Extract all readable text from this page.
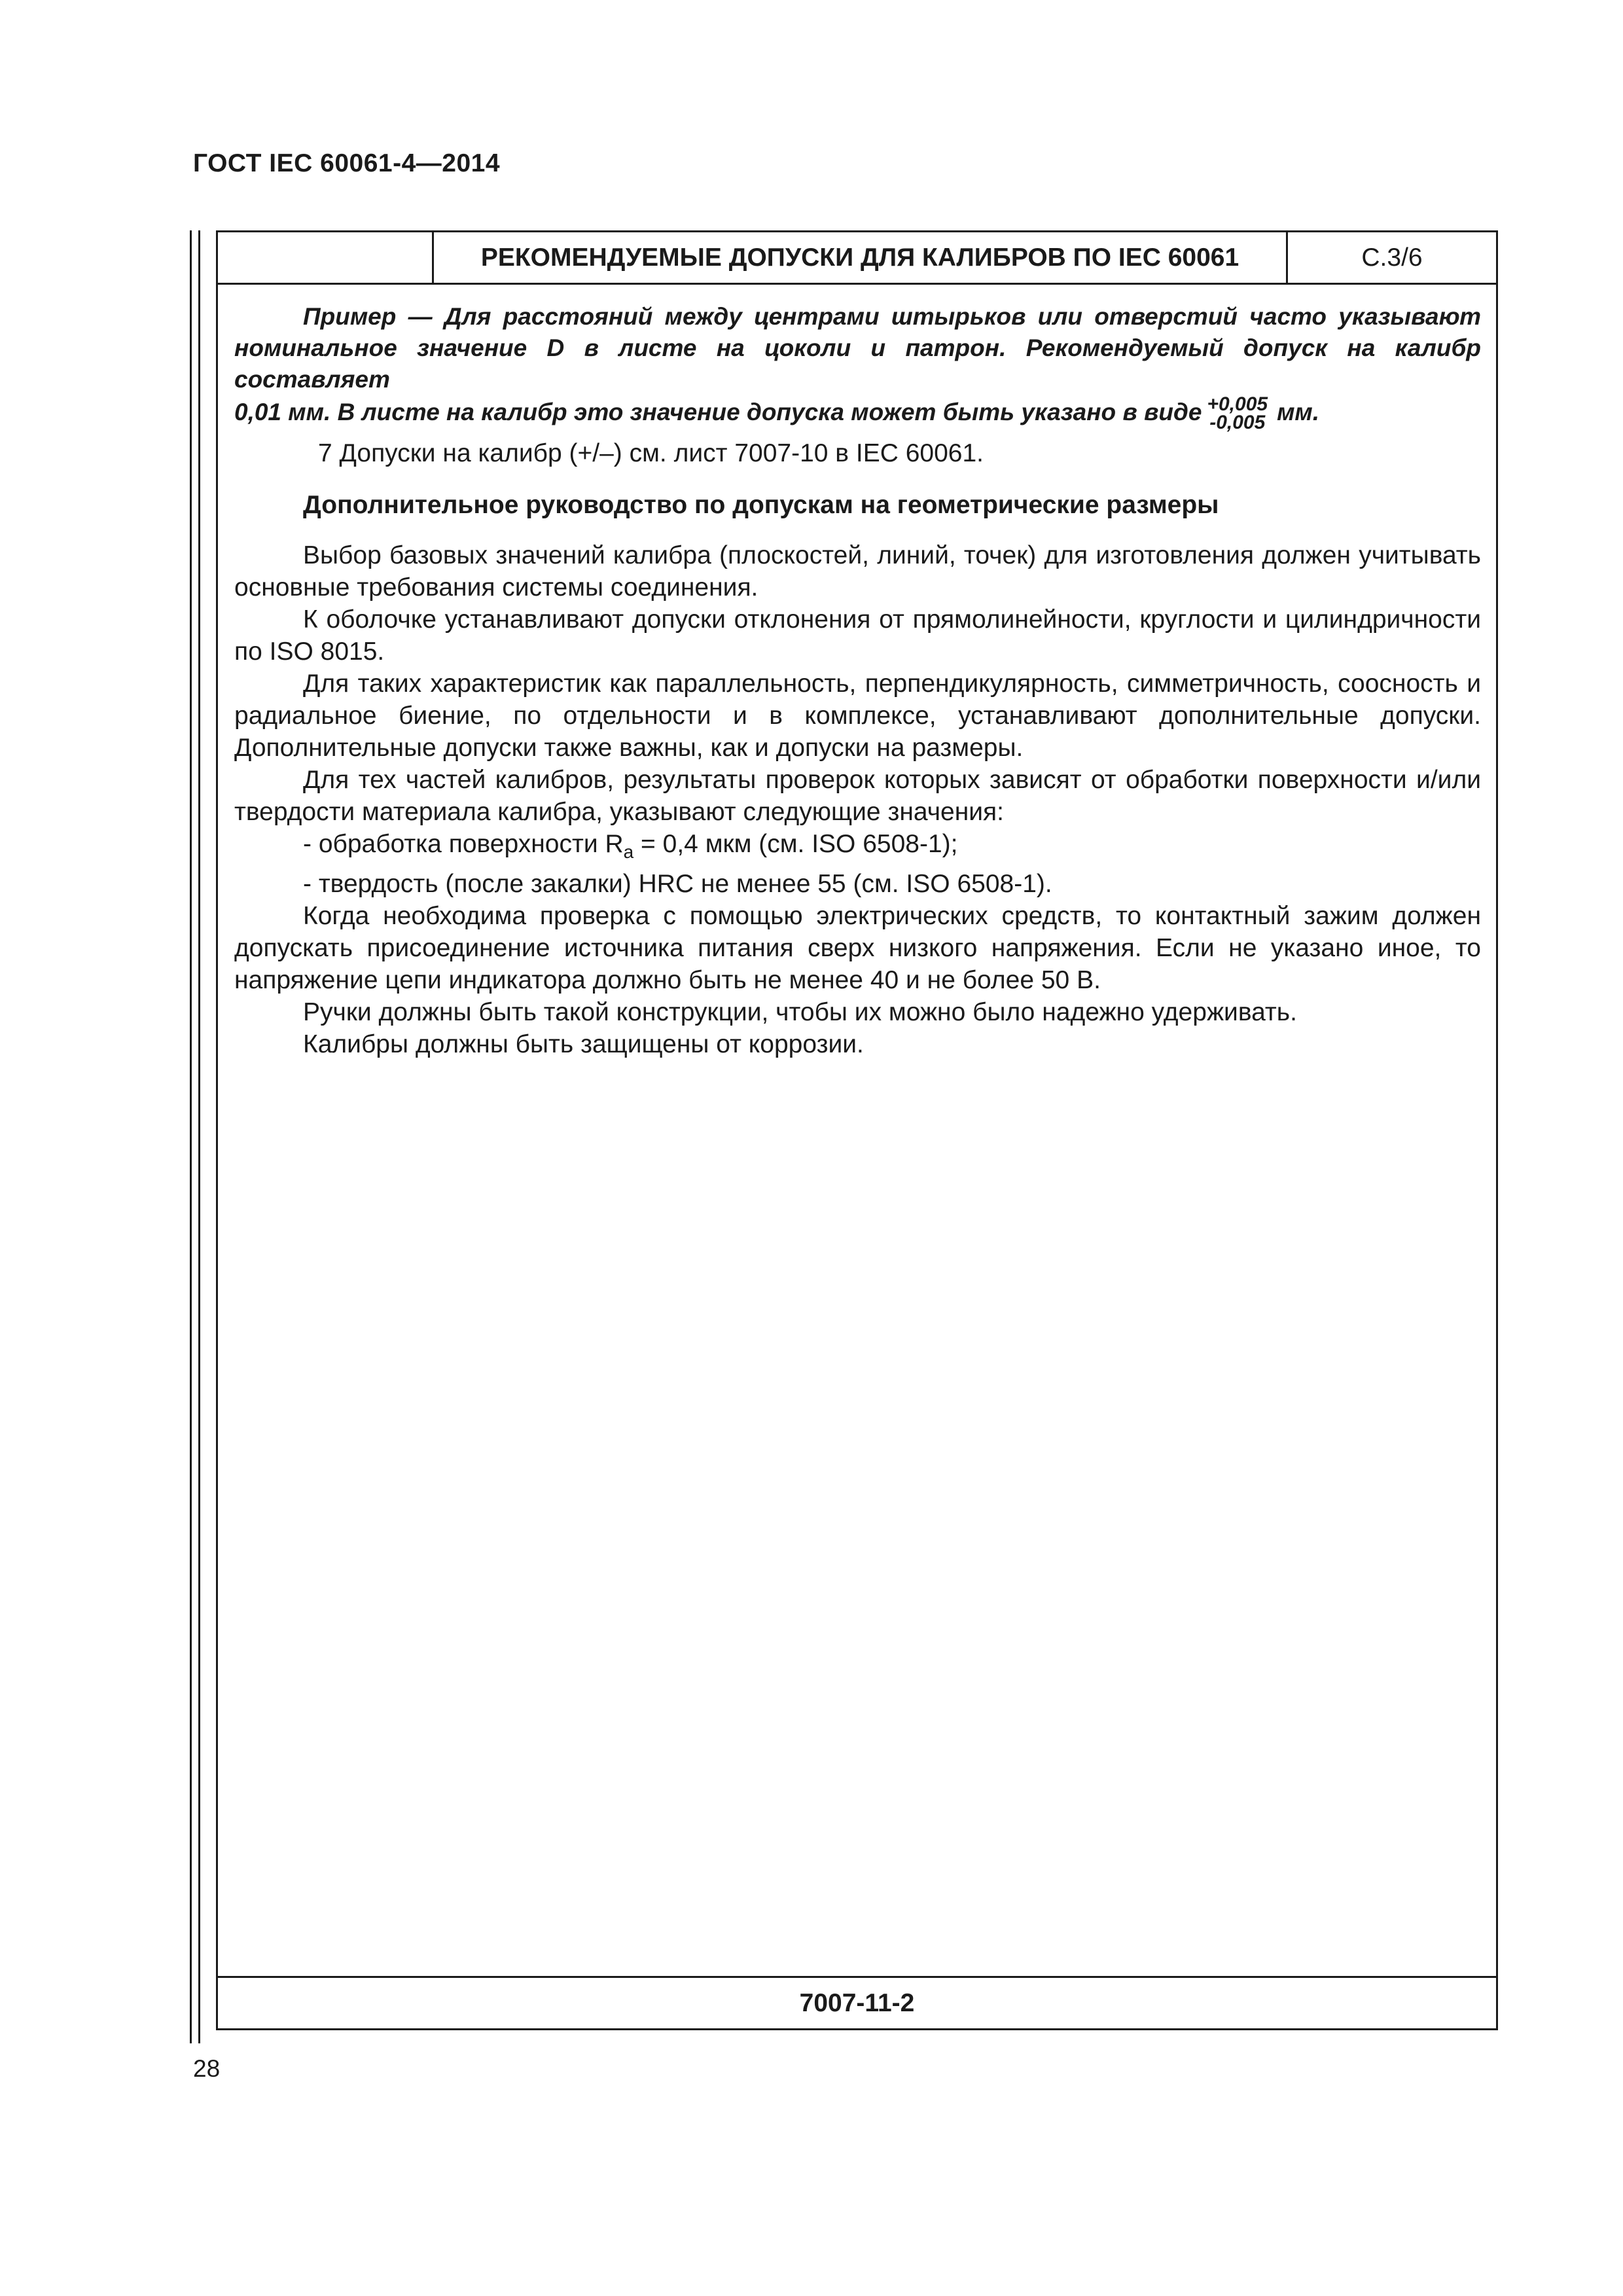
ГОСТ IEC 60061-4—2014
РЕКОМЕНДУЕМЫЕ ДОПУСКИ ДЛЯ КАЛИБРОВ ПО IEC 60061	С.3/6

Пример — Для расстояний между центрами штырьков или отверстий часто указывают номинальное значение D в листе на цоколи и патрон. Рекомендуемый допуск на калибр составляет

0,01 мм. В листе на калибр это значение допуска может быть указано в виде +0,005
-0,005 мм.

7 Допуски на калибр (+/–) см. лист 7007-10 в IEC 60061.

Дополнительное руководство по допускам на геометрические размеры

Выбор базовых значений калибра (плоскостей, линий, точек) для изготовления должен учитывать основные требования системы соединения.

К оболочке устанавливают допуски отклонения от прямолинейности, круглости и цилиндричности по ISO 8015.

Для таких характеристик как параллельность, перпендикулярность, симметричность, соосность и радиальное биение, по отдельности и в комплексе, устанавливают дополнительные допуски. Дополнительные допуски также важны, как и допуски на размеры.

Для тех частей калибров, результаты проверок которых зависят от обработки поверхности и/или твердости материала калибра, указывают следующие значения:

- обработка поверхности $R_a = 0,4$ мкм (см. ISO 6508-1);

- твердость (после закалки) HRC не менее 55 (см. ISO 6508-1).

Когда необходима проверка с помощью электрических средств, то контактный зажим должен допускать присоединение источника питания сверх низкого напряжения. Если не указано иное, то напряжение цепи индикатора должно быть не менее 40 и не более 50 В.

Ручки должны быть такой конструкции, чтобы их можно было надежно удерживать.

Калибры должны быть защищены от коррозии.

7007-11-2
28
